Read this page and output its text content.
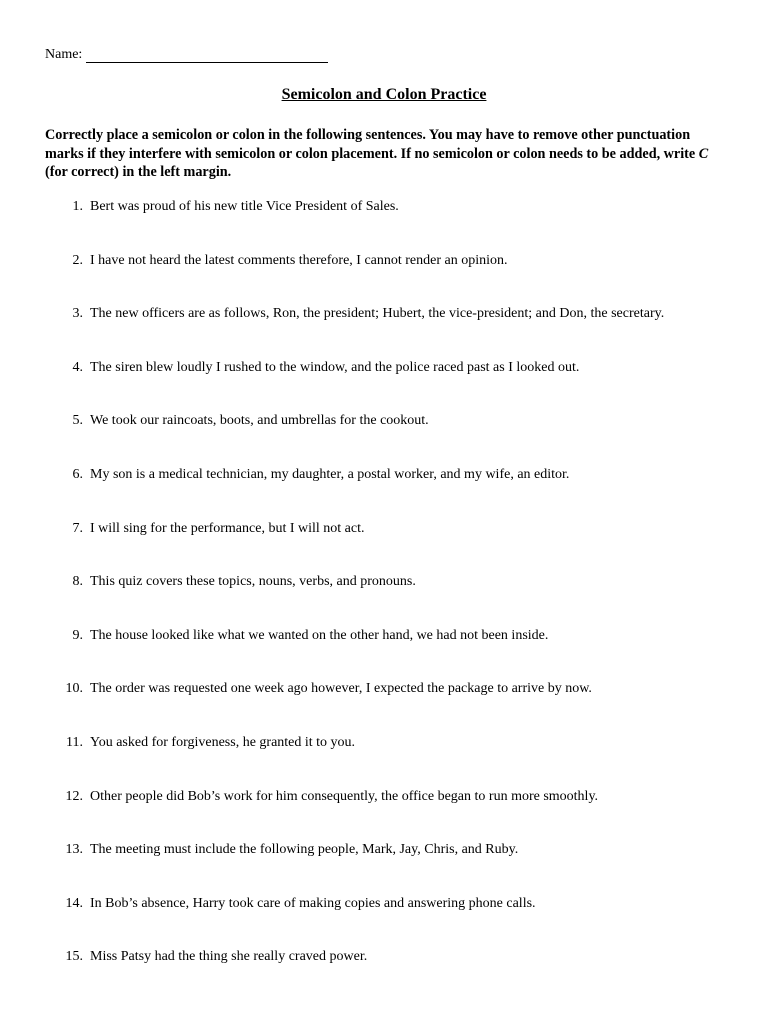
Name:
Semicolon and Colon Practice
Correctly place a semicolon or colon in the following sentences. You may have to remove other punctuation marks if they interfere with semicolon or colon placement. If no semicolon or colon needs to be added, write C (for correct) in the left margin.
1. Bert was proud of his new title Vice President of Sales.
2. I have not heard the latest comments therefore, I cannot render an opinion.
3. The new officers are as follows, Ron, the president; Hubert, the vice-president; and Don, the secretary.
4. The siren blew loudly I rushed to the window, and the police raced past as I looked out.
5. We took our raincoats, boots, and umbrellas for the cookout.
6. My son is a medical technician, my daughter, a postal worker, and my wife, an editor.
7. I will sing for the performance, but I will not act.
8. This quiz covers these topics, nouns, verbs, and pronouns.
9. The house looked like what we wanted on the other hand, we had not been inside.
10. The order was requested one week ago however, I expected the package to arrive by now.
11. You asked for forgiveness, he granted it to you.
12. Other people did Bob’s work for him consequently, the office began to run more smoothly.
13. The meeting must include the following people, Mark, Jay, Chris, and Ruby.
14. In Bob’s absence, Harry took care of making copies and answering phone calls.
15. Miss Patsy had the thing she really craved power.
